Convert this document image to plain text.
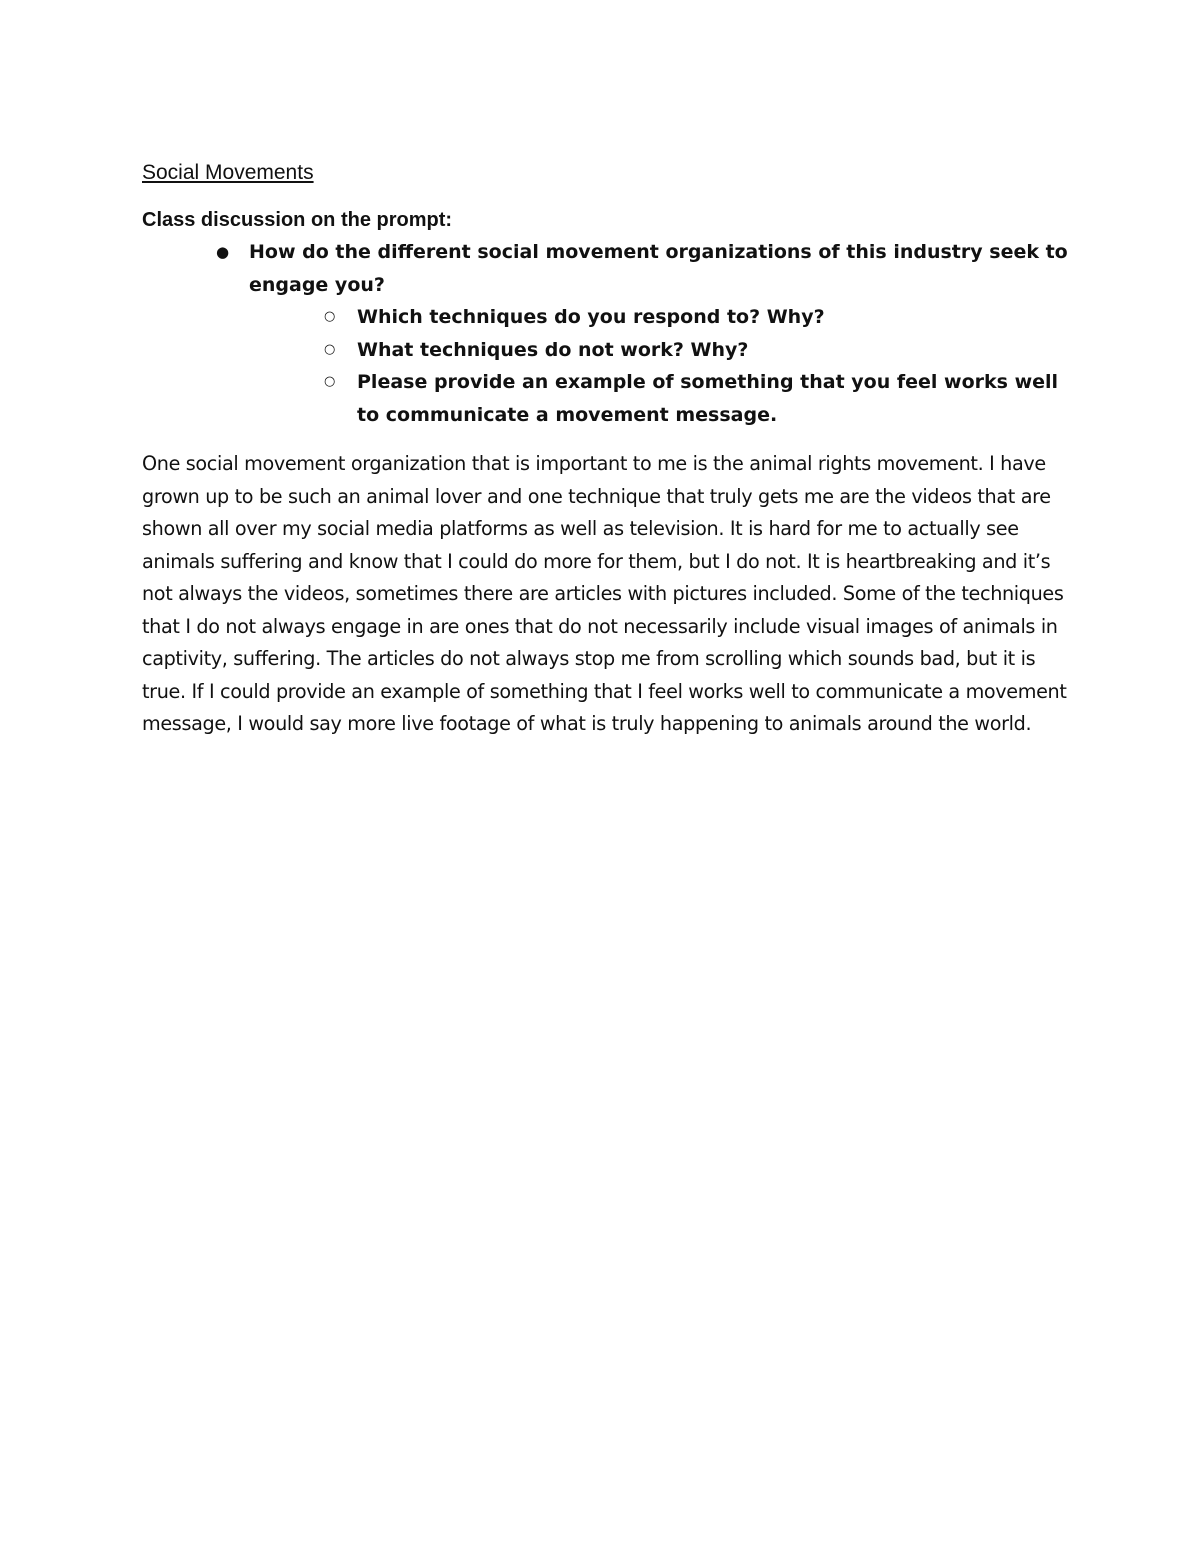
Social Movements

Class discussion on the prompt:

● How do the different social movement organizations of this industry seek to engage you?
○ Which techniques do you respond to? Why?
○ What techniques do not work? Why?
○ Please provide an example of something that you feel works well to communicate a movement message.

One social movement organization that is important to me is the animal rights movement. I have grown up to be such an animal lover and one technique that truly gets me are the videos that are shown all over my social media platforms as well as television. It is hard for me to actually see animals suffering and know that I could do more for them, but I do not. It is heartbreaking and it’s not always the videos, sometimes there are articles with pictures included. Some of the techniques that I do not always engage in are ones that do not necessarily include visual images of animals in captivity, suffering. The articles do not always stop me from scrolling which sounds bad, but it is true. If I could provide an example of something that I feel works well to communicate a movement message, I would say more live footage of what is truly happening to animals around the world.
